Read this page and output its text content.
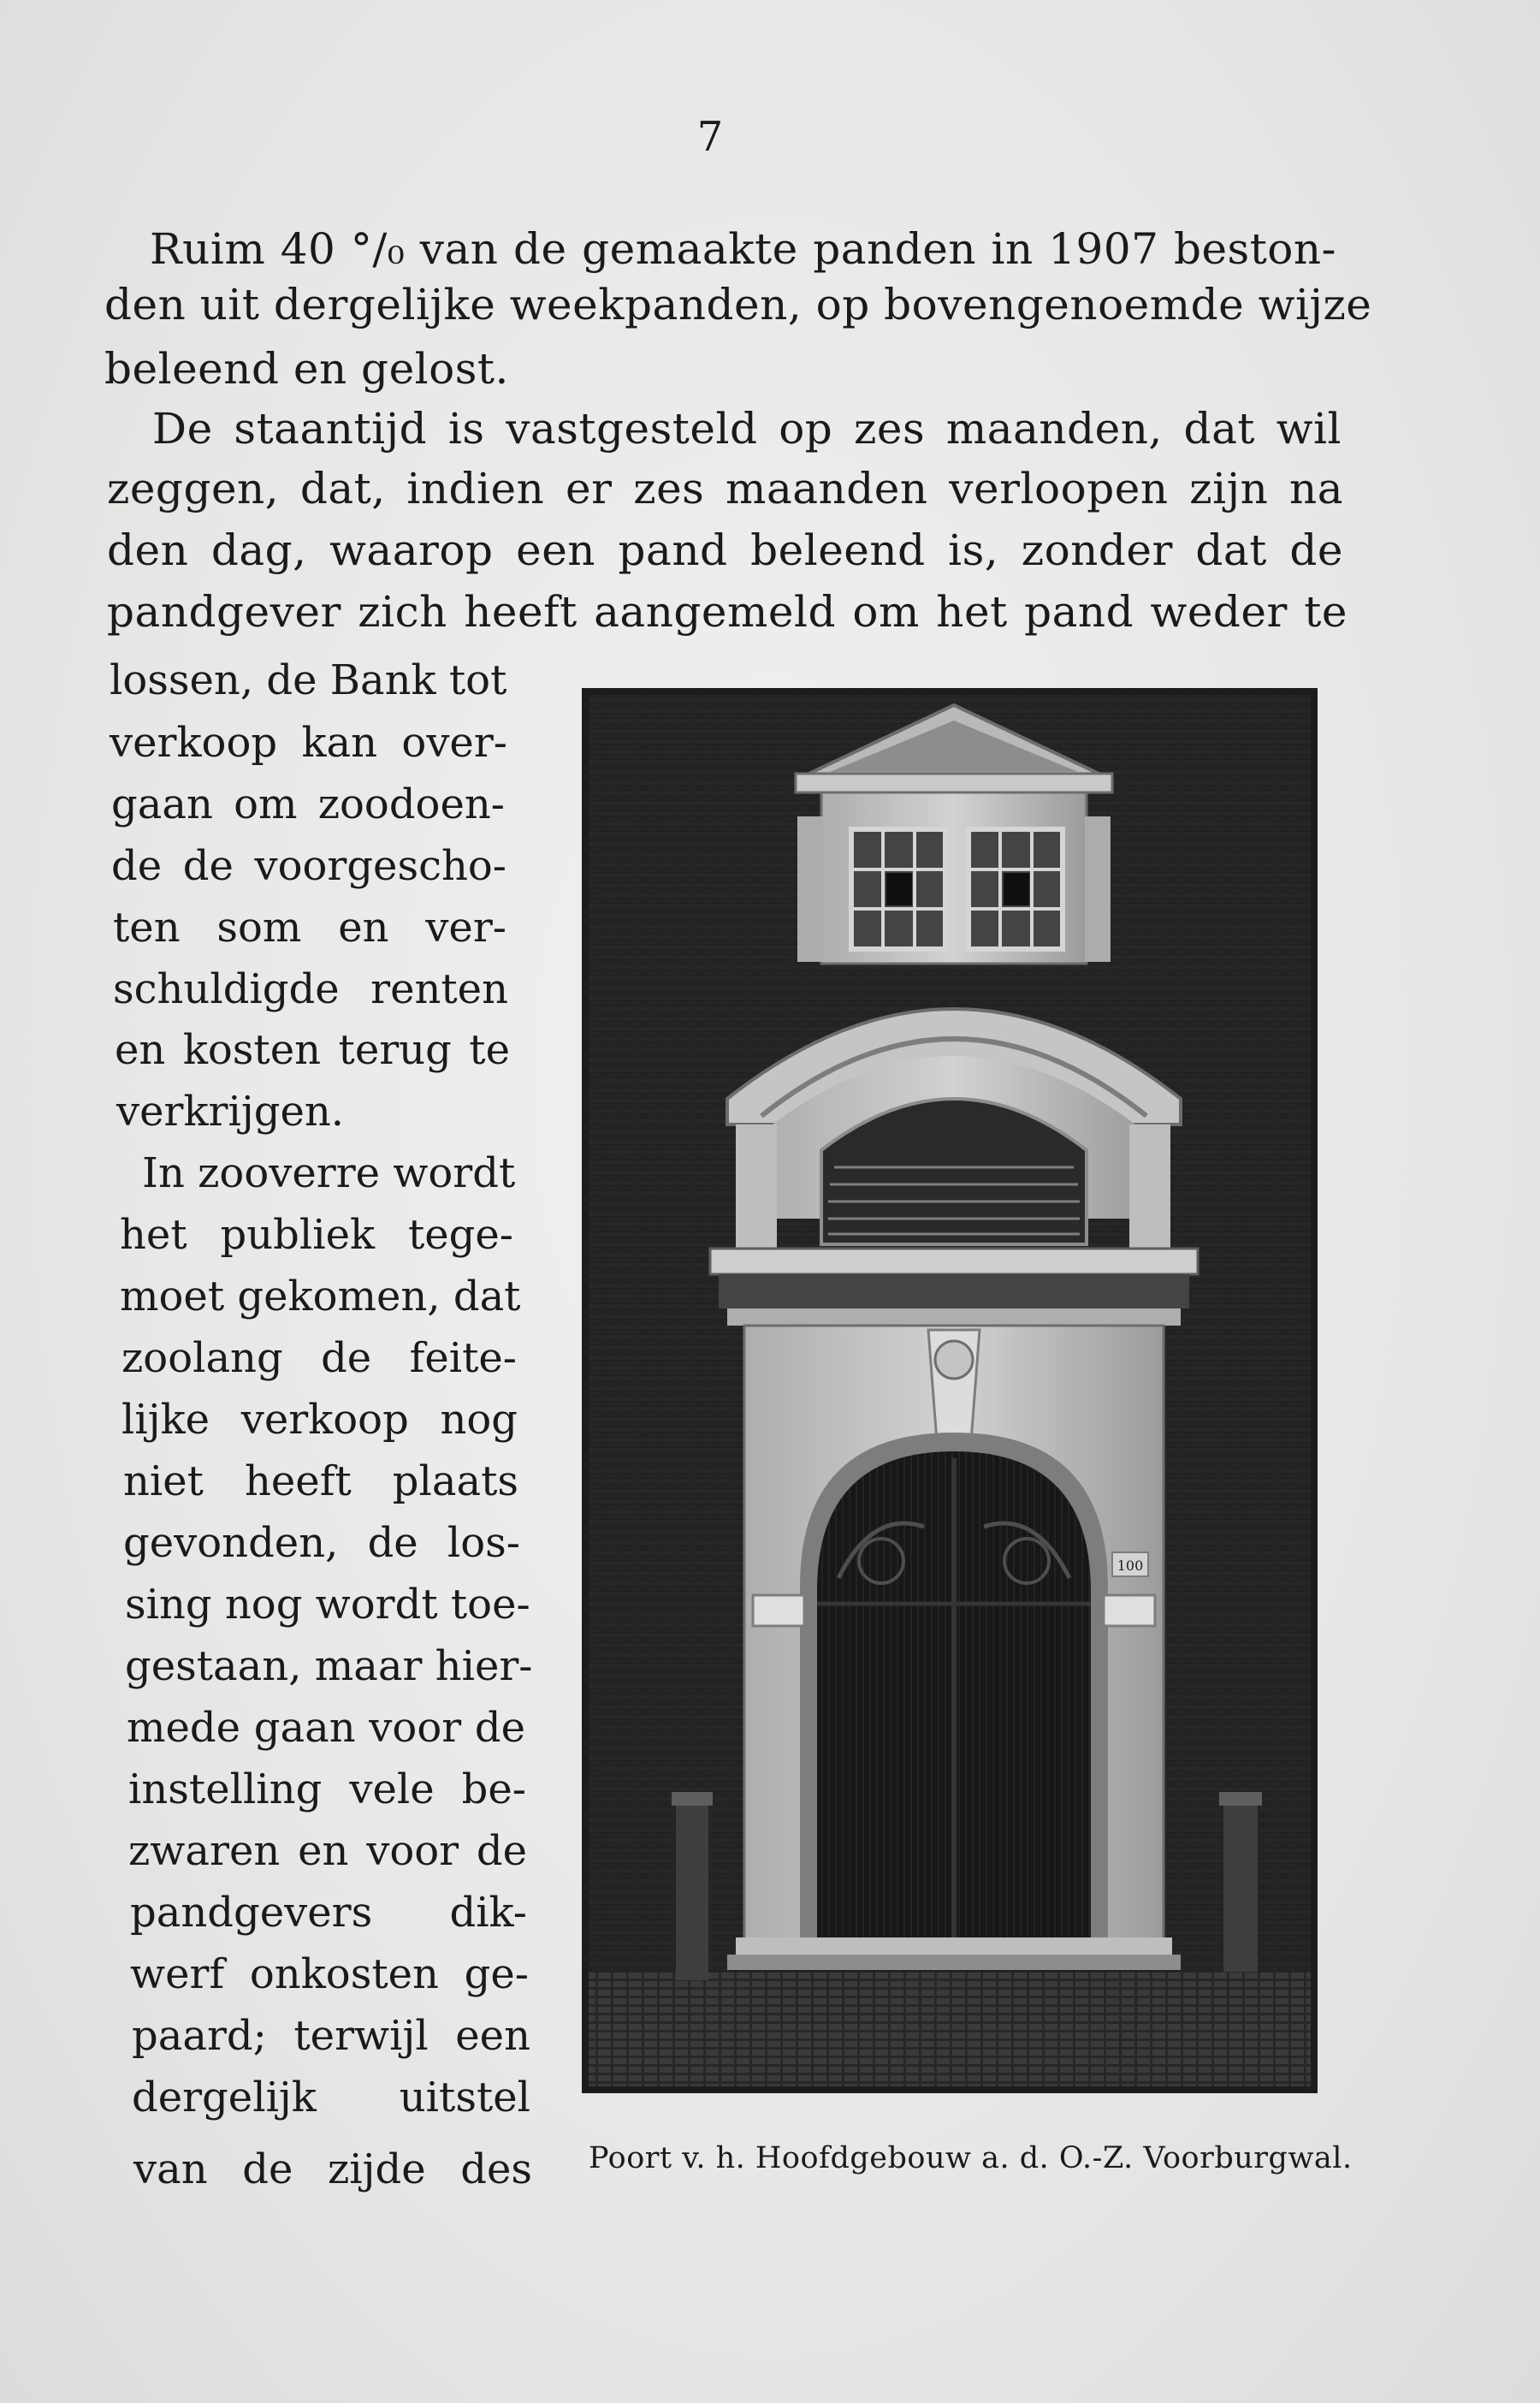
7
Ruim 40 °/₀ van de gemaakte panden in 1907 beston-
den uit dergelijke weekpanden, op bovengenoemde wijze
beleend en gelost.
De staantijd is vastgesteld op zes maanden, dat wil
zeggen, dat, indien er zes maanden verloopen zijn na
den dag, waarop een pand beleend is, zonder dat de
pandgever zich heeft aangemeld om het pand weder te
lossen, de Bank tot
verkoop kan over-
gaan om zoodoen-
de de voorgescho-
ten som en ver-
schuldigde renten
en kosten terug te
verkrijgen.
In zooverre wordt
het publiek tege-
moet gekomen, dat
zoolang de feite-
lijke verkoop nog
niet heeft plaats
gevonden, de los-
sing nog wordt toe-
gestaan, maar hier-
mede gaan voor de
instelling vele be-
zwaren en voor de
pandgevers dik-
werf onkosten ge-
paard; terwijl een
dergelijk uitstel
van de zijde des
100
Poort v. h. Hoofdgebouw a. d. O.-Z. Voorburgwal.
